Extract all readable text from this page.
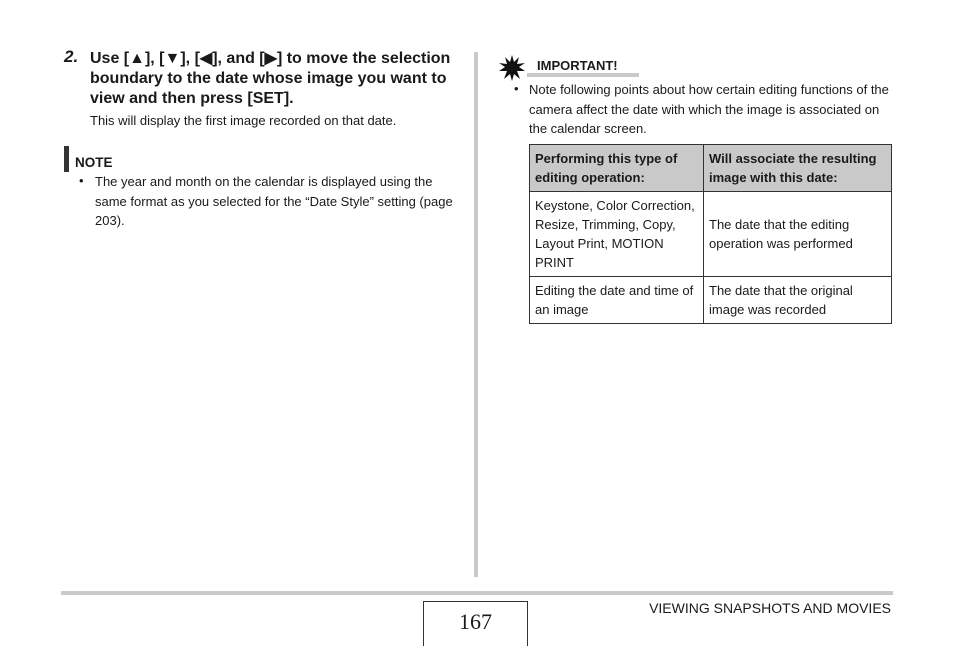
2. Use [▲], [▼], [◀], and [▶] to move the selection boundary to the date whose image you want to view and then press [SET].
This will display the first image recorded on that date.
NOTE
• The year and month on the calendar is displayed using the same format as you selected for the “Date Style” setting (page 203).
IMPORTANT!
• Note following points about how certain editing functions of the camera affect the date with which the image is associated on the calendar screen.
Performing this type of editing operation:	Will associate the resulting image with this date:
Keystone, Color Correction, Resize, Trimming, Copy, Layout Print, MOTION PRINT	The date that the editing operation was performed
Editing the date and time of an image	The date that the original image was recorded
167
VIEWING SNAPSHOTS AND MOVIES
